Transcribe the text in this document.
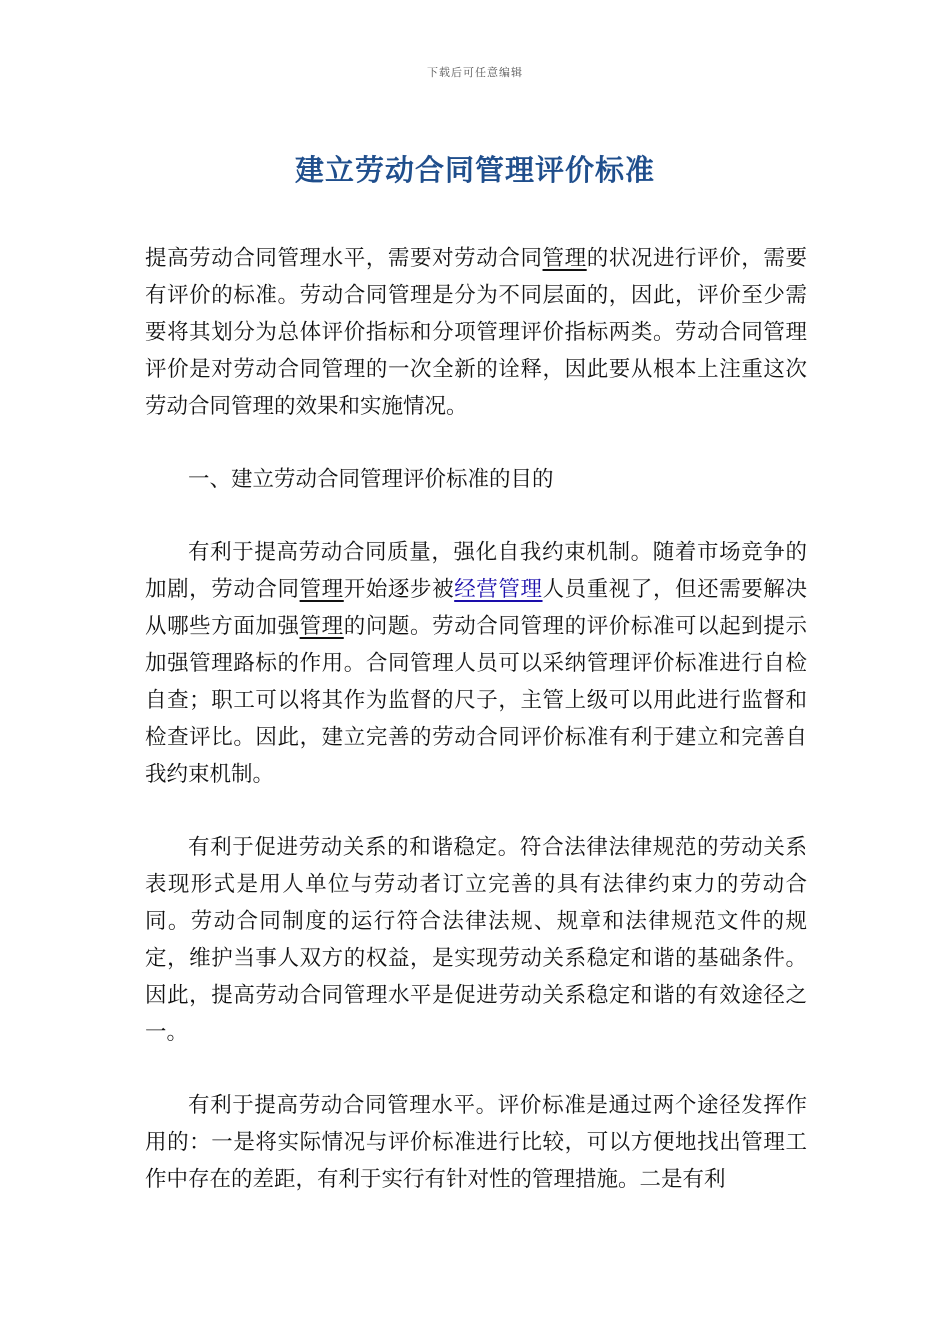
下载后可任意编辑
建立劳动合同管理评价标准

提高劳动合同管理水平，需要对劳动合同管理的状况进行评价，需要有评价的标准。劳动合同管理是分为不同层面的，因此，评价至少需要将其划分为总体评价指标和分项管理评价指标两类。劳动合同管理评价是对劳动合同管理的一次全新的诠释，因此要从根本上注重这次劳动合同管理的效果和实施情况。

一、建立劳动合同管理评价标准的目的

有利于提高劳动合同质量，强化自我约束机制。随着市场竞争的加剧，劳动合同管理开始逐步被经营管理人员重视了，但还需要解决从哪些方面加强管理的问题。劳动合同管理的评价标准可以起到提示加强管理路标的作用。合同管理人员可以采纳管理评价标准进行自检自查；职工可以将其作为监督的尺子，主管上级可以用此进行监督和检查评比。因此，建立完善的劳动合同评价标准有利于建立和完善自我约束机制。

有利于促进劳动关系的和谐稳定。符合法律法律规范的劳动关系表现形式是用人单位与劳动者订立完善的具有法律约束力的劳动合同。劳动合同制度的运行符合法律法规、规章和法律规范文件的规定，维护当事人双方的权益，是实现劳动关系稳定和谐的基础条件。因此，提高劳动合同管理水平是促进劳动关系稳定和谐的有效途径之一。

有利于提高劳动合同管理水平。评价标准是通过两个途径发挥作用的：一是将实际情况与评价标准进行比较，可以方便地找出管理工作中存在的差距，有利于实行有针对性的管理措施。二是有利
